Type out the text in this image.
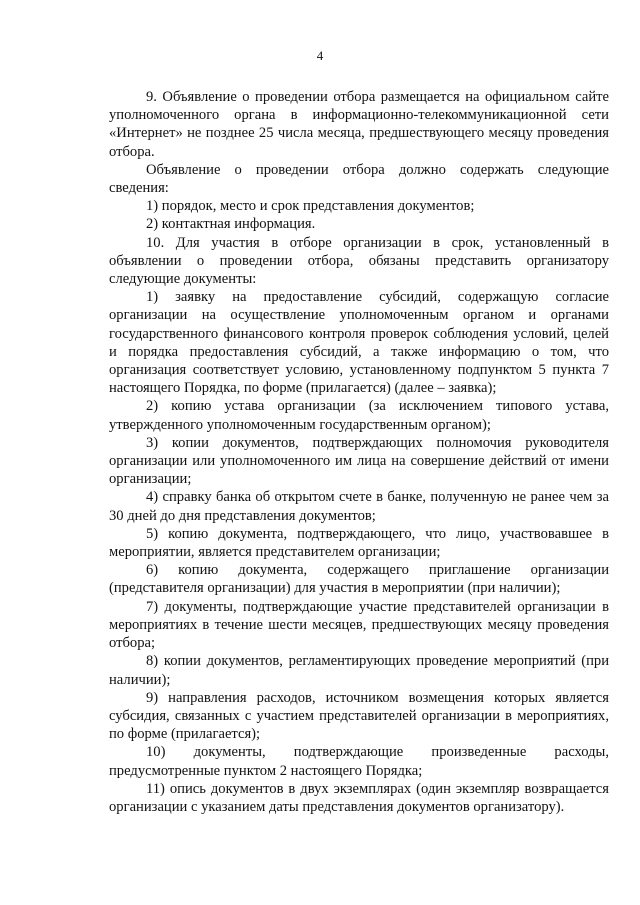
4

9. Объявление о проведении отбора размещается на официальном сайте уполномоченного органа в информационно-телекоммуникационной сети «Интернет» не позднее 25 числа месяца, предшествующего месяцу проведения отбора.

Объявление о проведении отбора должно содержать следующие сведения:

1) порядок, место и срок представления документов;

2) контактная информация.

10. Для участия в отборе организации в срок, установленный в объявлении о проведении отбора, обязаны представить организатору следующие документы:

1) заявку на предоставление субсидий, содержащую согласие организации на осуществление уполномоченным органом и органами государственного финансового контроля проверок соблюдения условий, целей и порядка предоставления субсидий, а также информацию о том, что организация соответствует условию, установленному подпунктом 5 пункта 7 настоящего Порядка, по форме (прилагается) (далее – заявка);

2) копию устава организации (за исключением типового устава, утвержденного уполномоченным государственным органом);

3) копии документов, подтверждающих полномочия руководителя организации или уполномоченного им лица на совершение действий от имени организации;

4) справку банка об открытом счете в банке, полученную не ранее чем за 30 дней до дня представления документов;

5) копию документа, подтверждающего, что лицо, участвовавшее в мероприятии, является представителем организации;

6) копию документа, содержащего приглашение организации (представителя организации) для участия в мероприятии (при наличии);

7) документы, подтверждающие участие представителей организации в мероприятиях в течение шести месяцев, предшествующих месяцу проведения отбора;

8) копии документов, регламентирующих проведение мероприятий (при наличии);

9) направления расходов, источником возмещения которых является субсидия, связанных с участием представителей организации в мероприятиях, по форме (прилагается);

10) документы, подтверждающие произведенные расходы, предусмотренные пунктом 2 настоящего Порядка;

11) опись документов в двух экземплярах (один экземпляр возвращается организации с указанием даты представления документов организатору).
